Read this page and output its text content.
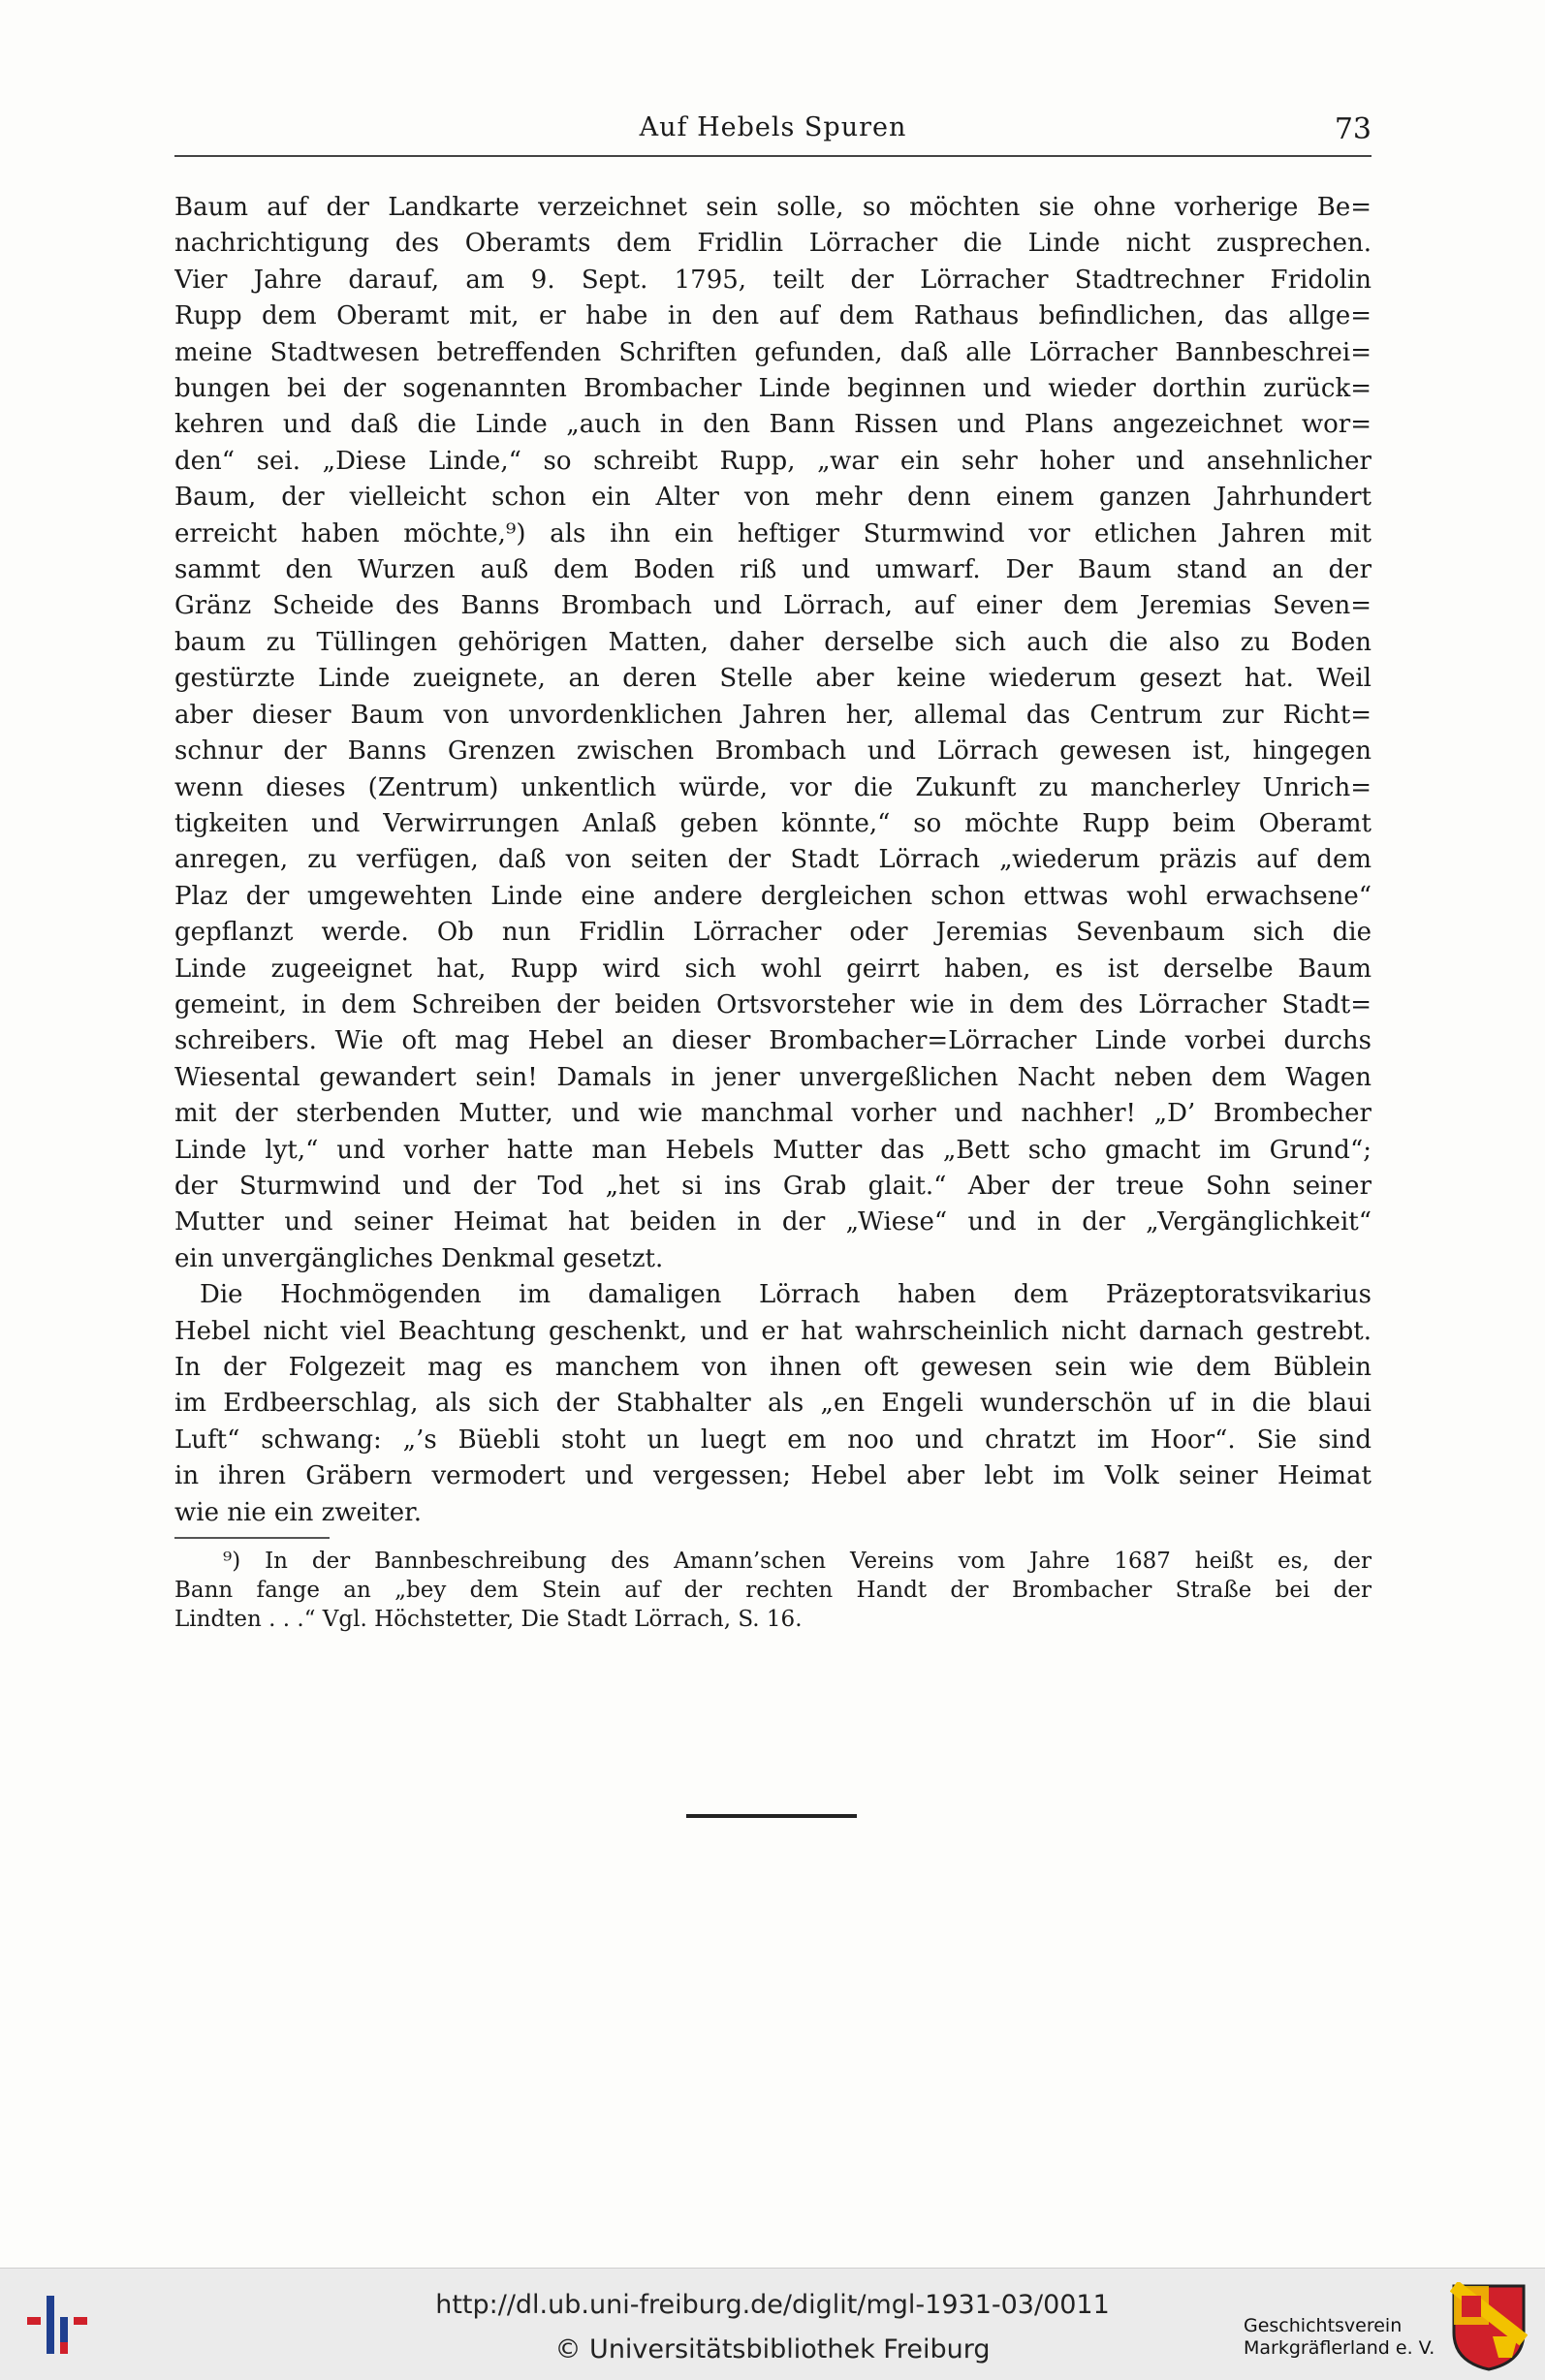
Auf Hebels Spuren	73
Baum auf der Landkarte verzeichnet sein solle, so möchten sie ohne vorherige Be=
nachrichtigung des Oberamts dem Fridlin Lörracher die Linde nicht zusprechen.
Vier Jahre darauf, am 9. Sept. 1795, teilt der Lörracher Stadtrechner Fridolin
Rupp dem Oberamt mit, er habe in den auf dem Rathaus befindlichen, das allge=
meine Stadtwesen betreffenden Schriften gefunden, daß alle Lörracher Bannbeschrei=
bungen bei der sogenannten Brombacher Linde beginnen und wieder dorthin zurück=
kehren und daß die Linde „auch in den Bann Rissen und Plans angezeichnet wor=
den“ sei. „Diese Linde,“ so schreibt Rupp, „war ein sehr hoher und ansehnlicher
Baum, der vielleicht schon ein Alter von mehr denn einem ganzen Jahrhundert
erreicht haben möchte,⁹) als ihn ein heftiger Sturmwind vor etlichen Jahren mit
sammt den Wurzen auß dem Boden riß und umwarf. Der Baum stand an der
Gränz Scheide des Banns Brombach und Lörrach, auf einer dem Jeremias Seven=
baum zu Tüllingen gehörigen Matten, daher derselbe sich auch die also zu Boden
gestürzte Linde zueignete, an deren Stelle aber keine wiederum gesezt hat. Weil
aber dieser Baum von unvordenklichen Jahren her, allemal das Centrum zur Richt=
schnur der Banns Grenzen zwischen Brombach und Lörrach gewesen ist, hingegen
wenn dieses (Zentrum) unkentlich würde, vor die Zukunft zu mancherley Unrich=
tigkeiten und Verwirrungen Anlaß geben könnte,“ so möchte Rupp beim Oberamt
anregen, zu verfügen, daß von seiten der Stadt Lörrach „wiederum präzis auf dem
Plaz der umgewehten Linde eine andere dergleichen schon ettwas wohl erwachsene“
gepflanzt werde. Ob nun Fridlin Lörracher oder Jeremias Sevenbaum sich die
Linde zugeeignet hat, Rupp wird sich wohl geirrt haben, es ist derselbe Baum
gemeint, in dem Schreiben der beiden Ortsvorsteher wie in dem des Lörracher Stadt=
schreibers. Wie oft mag Hebel an dieser Brombacher=Lörracher Linde vorbei durchs
Wiesental gewandert sein! Damals in jener unvergeßlichen Nacht neben dem Wagen
mit der sterbenden Mutter, und wie manchmal vorher und nachher! „D’ Brombecher
Linde lyt,“ und vorher hatte man Hebels Mutter das „Bett scho gmacht im Grund“;
der Sturmwind und der Tod „het si ins Grab glait.“ Aber der treue Sohn seiner
Mutter und seiner Heimat hat beiden in der „Wiese“ und in der „Vergänglichkeit“
ein unvergängliches Denkmal gesetzt.
Die Hochmögenden im damaligen Lörrach haben dem Präzeptoratsvikarius
Hebel nicht viel Beachtung geschenkt, und er hat wahrscheinlich nicht darnach gestrebt.
In der Folgezeit mag es manchem von ihnen oft gewesen sein wie dem Büblein
im Erdbeerschlag, als sich der Stabhalter als „en Engeli wunderschön uf in die blaui
Luft“ schwang: „’s Büebli stoht un luegt em noo und chratzt im Hoor“. Sie sind
in ihren Gräbern vermodert und vergessen; Hebel aber lebt im Volk seiner Heimat
wie nie ein zweiter.
⁹) In der Bannbeschreibung des Amann’schen Vereins vom Jahre 1687 heißt es, der
Bann fange an „bey dem Stein auf der rechten Handt der Brombacher Straße bei der
Lindten . . .“ Vgl. Höchstetter, Die Stadt Lörrach, S. 16.
http://dl.ub.uni-freiburg.de/diglit/mgl-1931-03/0011
© Universitätsbibliothek Freiburg
Geschichtsverein
Markgräflerland e. V.
